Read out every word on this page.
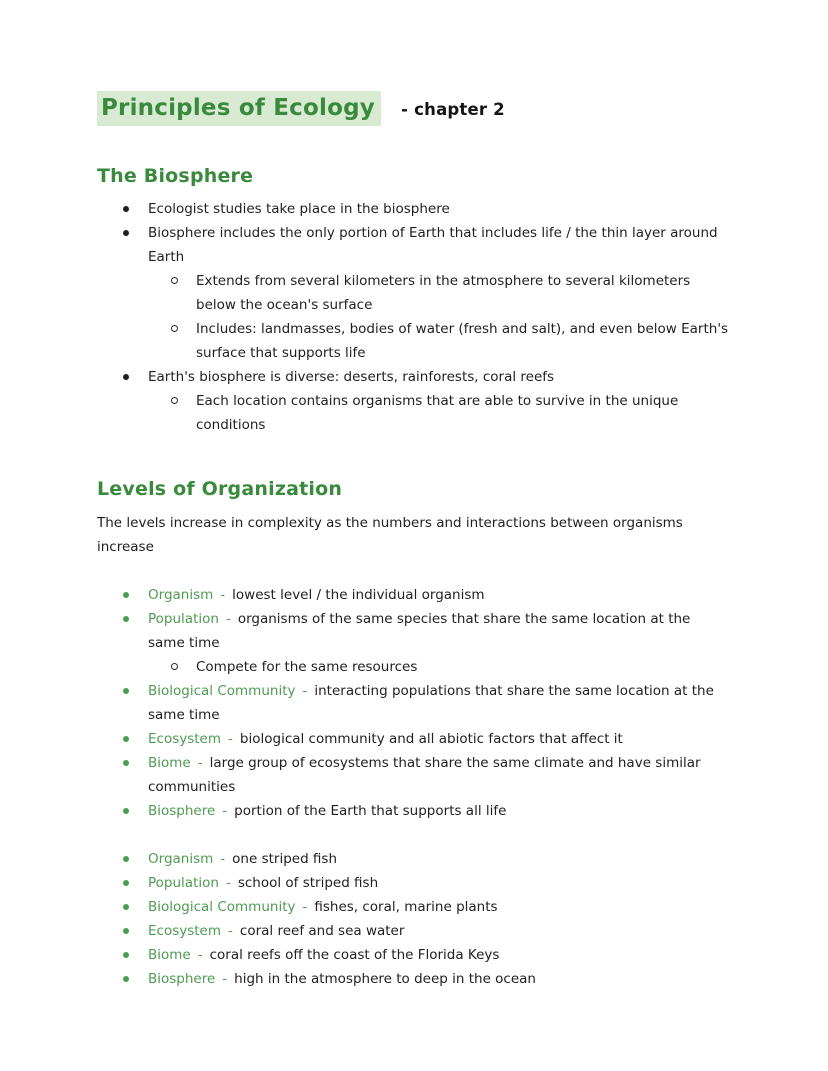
Principles of Ecology - chapter 2
The Biosphere
Ecologist studies take place in the biosphere
Biosphere includes the only portion of Earth that includes life / the thin layer around Earth
Extends from several kilometers in the atmosphere to several kilometers below the ocean's surface
Includes: landmasses, bodies of water (fresh and salt), and even below Earth's surface that supports life
Earth's biosphere is diverse: deserts, rainforests, coral reefs
Each location contains organisms that are able to survive in the unique conditions
Levels of Organization

The levels increase in complexity as the numbers and interactions between organisms increase

Organism - lowest level / the individual organism
Population - organisms of the same species that share the same location at the same time
Compete for the same resources
Biological Community - interacting populations that share the same location at the same time
Ecosystem - biological community and all abiotic factors that affect it
Biome - large group of ecosystems that share the same climate and have similar communities
Biosphere - portion of the Earth that supports all life
Organism - one striped fish
Population - school of striped fish
Biological Community - fishes, coral, marine plants
Ecosystem - coral reef and sea water
Biome - coral reefs off the coast of the Florida Keys
Biosphere - high in the atmosphere to deep in the ocean
